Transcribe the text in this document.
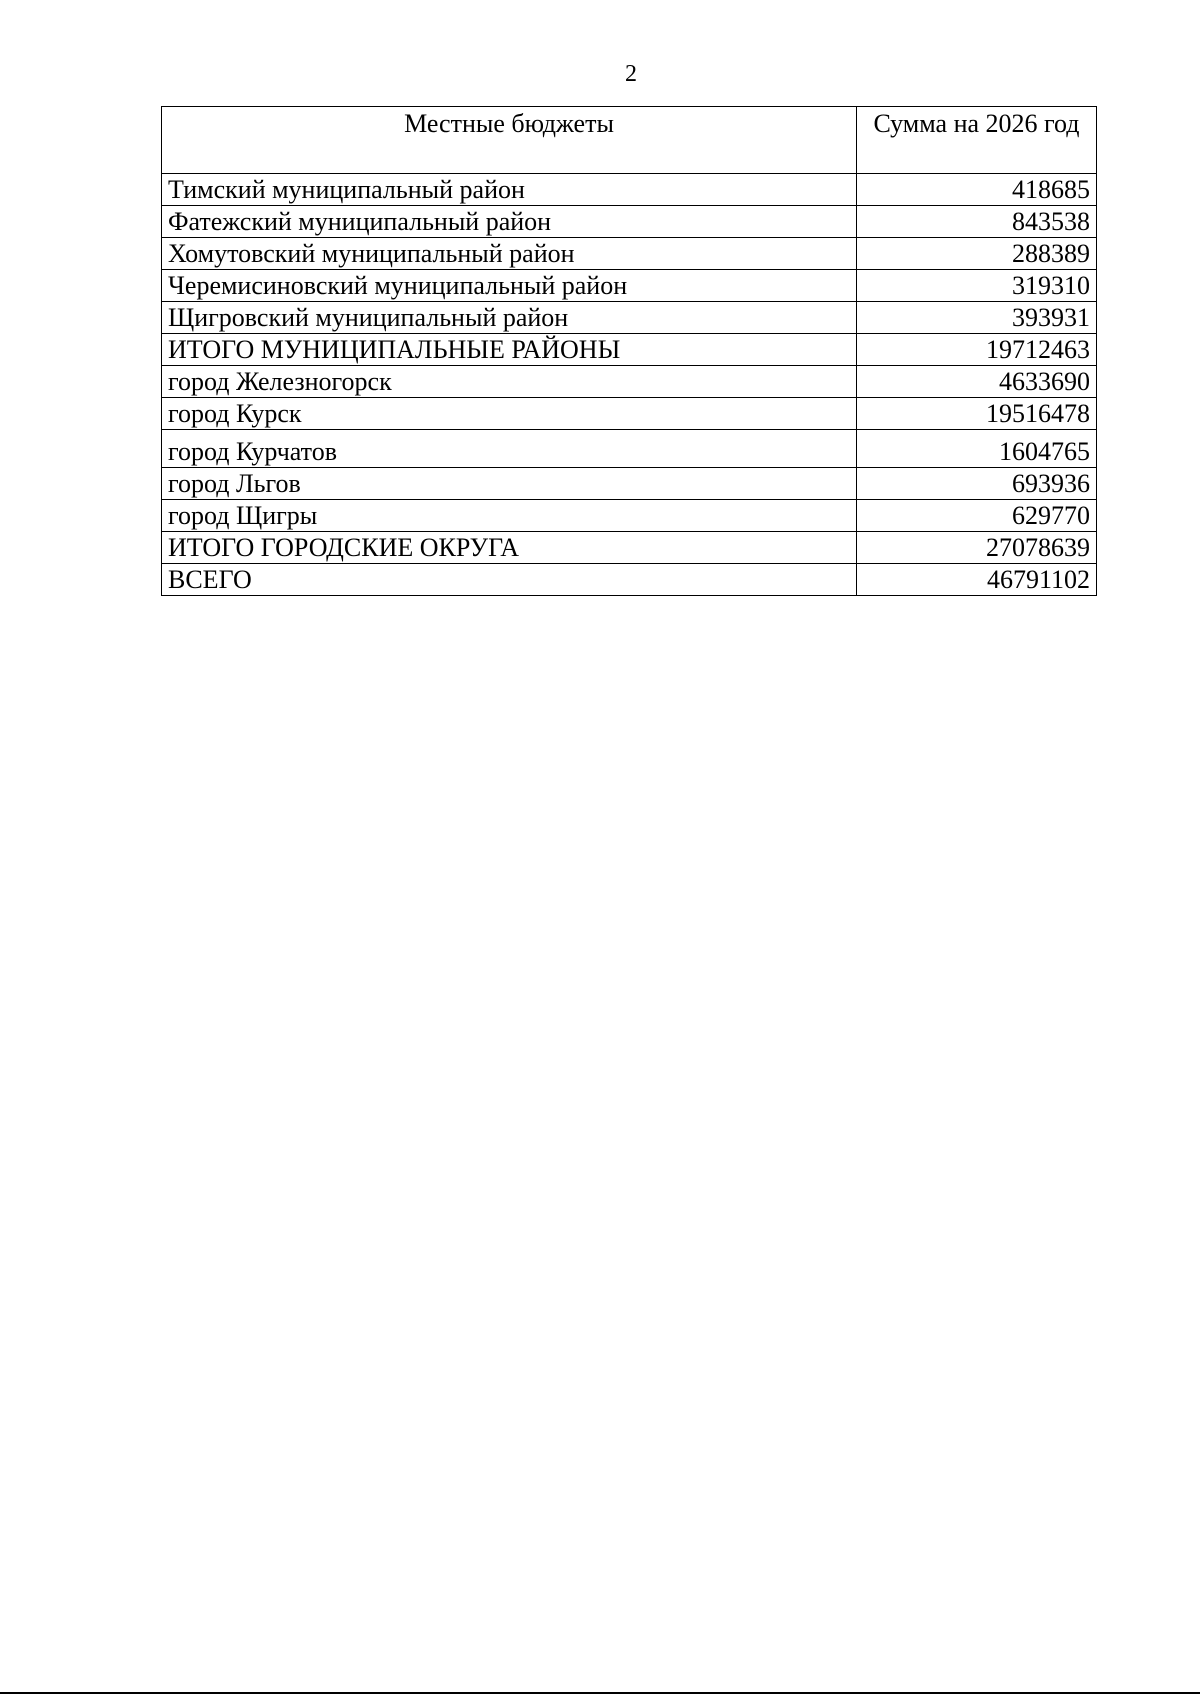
2
Местные бюджеты	Сумма на 2026 год
Тимский муниципальный район	418685
Фатежский муниципальный район	843538
Хомутовский муниципальный район	288389
Черемисиновский муниципальный район	319310
Щигровский муниципальный район	393931
ИТОГО МУНИЦИПАЛЬНЫЕ РАЙОНЫ	19712463
город Железногорск	4633690
город Курск	19516478
город Курчатов	1604765
город Льгов	693936
город Щигры	629770
ИТОГО ГОРОДСКИЕ ОКРУГА	27078639
ВСЕГО	46791102
